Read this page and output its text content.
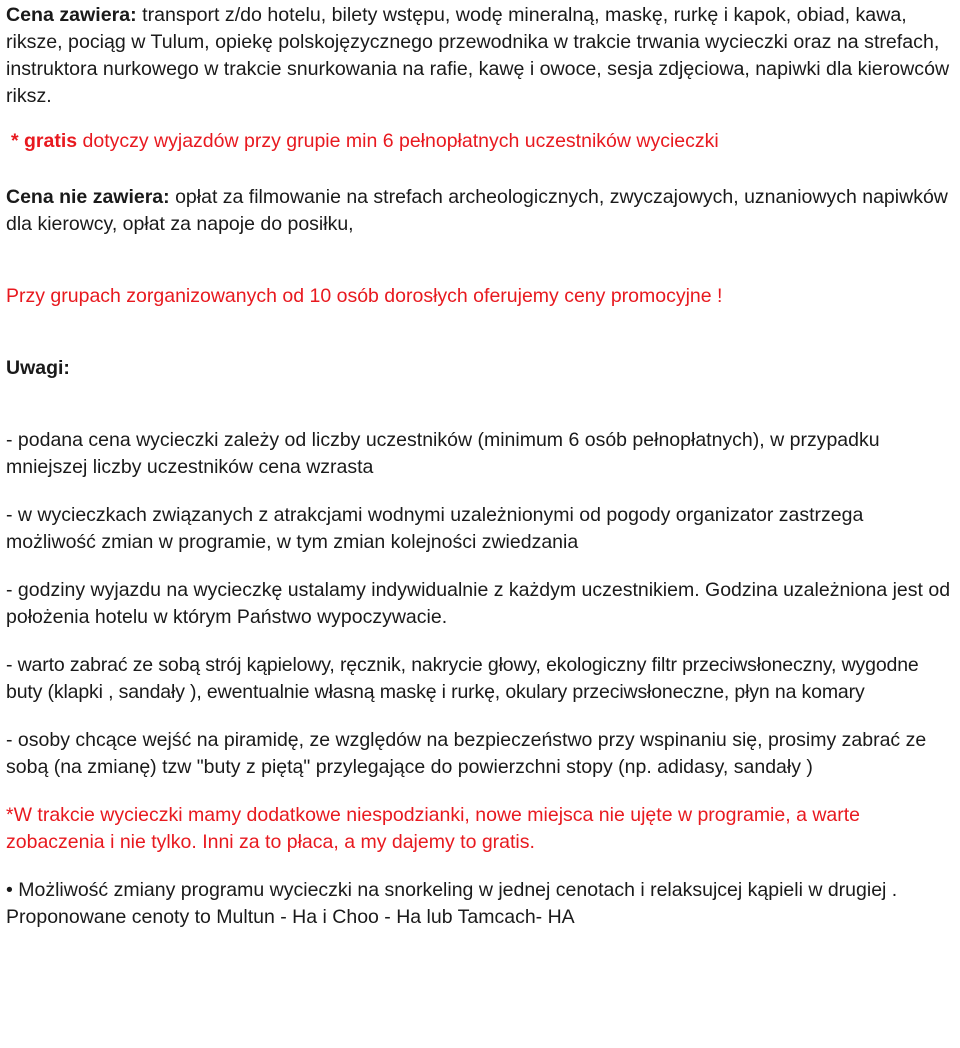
Cena zawiera: transport z/do hotelu, bilety wstępu, wodę mineralną, maskę, rurkę i kapok, obiad, kawa, riksze, pociąg w Tulum, opiekę polskojęzycznego przewodnika w trakcie trwania wycieczki oraz na strefach, instruktora nurkowego w trakcie snurkowania na rafie, kawę i owoce, sesja zdjęciowa, napiwki dla kierowców riksz.

* gratis dotyczy wyjazdów przy grupie min 6 pełnopłatnych uczestników wycieczki

Cena nie zawiera: opłat za filmowanie na strefach archeologicznych, zwyczajowych, uznaniowych napiwków dla kierowcy, opłat za napoje do posiłku,

Przy grupach zorganizowanych od 10 osób dorosłych oferujemy ceny promocyjne !

Uwagi:

- podana cena wycieczki zależy od liczby uczestników (minimum 6 osób pełnopłatnych), w przypadku mniejszej liczby uczestników cena wzrasta

- w wycieczkach związanych z atrakcjami wodnymi uzależnionymi od pogody organizator zastrzega możliwość zmian w programie, w tym zmian kolejności zwiedzania

- godziny wyjazdu na wycieczkę ustalamy indywidualnie z każdym uczestnikiem. Godzina uzależniona jest od położenia hotelu w którym Państwo wypoczywacie.

- warto zabrać ze sobą strój kąpielowy, ręcznik, nakrycie głowy, ekologiczny filtr przeciwsłoneczny, wygodne buty (klapki , sandały ), ewentualnie własną maskę i rurkę, okulary przeciwsłoneczne, płyn na komary

- osoby chcące wejść na piramidę, ze względów na bezpieczeństwo przy wspinaniu się, prosimy zabrać ze sobą (na zmianę) tzw "buty z piętą" przylegające do powierzchni stopy (np. adidasy, sandały )

*W trakcie wycieczki mamy dodatkowe niespodzianki, nowe miejsca nie ujęte w programie, a warte zobaczenia i nie tylko. Inni za to płaca, a my dajemy to gratis.

• Możliwość zmiany programu wycieczki na snorkeling w jednej cenotach i relaksujcej kąpieli w drugiej . Proponowane cenoty to Multun - Ha i Choo - Ha lub Tamcach- HA
